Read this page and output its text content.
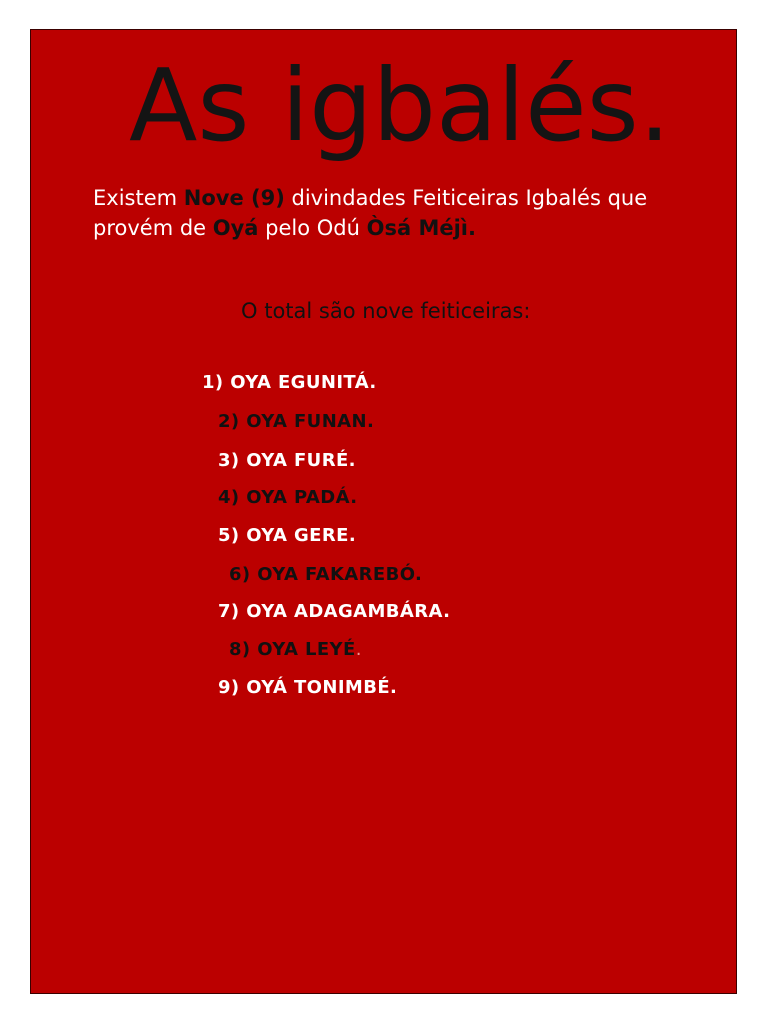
As igbalés.

Existem Nove (9) divindades Feiticeiras Igbalés que provém de Oyá pelo Odú Òsá Méjì.

O total são nove feiticeiras:

1) OYA EGUNITÁ.
2) OYA FUNAN.
3) OYA FURÉ.
4) OYA PADÁ.
5) OYA GERE.
6) OYA FAKAREBÓ.
7) OYA ADAGAMBÁRA.
8) OYA LEYÉ.
9) OYÁ TONIMBÉ.
